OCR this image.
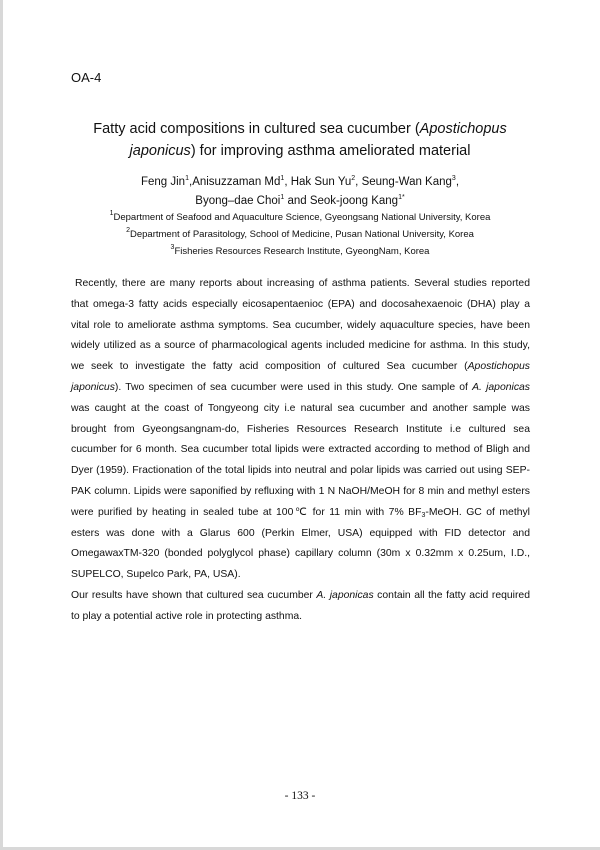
OA-4
Fatty acid compositions in cultured sea cucumber (Apostichopus japonicus) for improving asthma ameliorated material
Feng Jin$^1$,Anisuzzaman Md$^1$, Hak Sun Yu$^2$, Seung-Wan Kang$^3$,
Byong–dae Choi$^1$ and Seok-joong Kang$^{1*}$
$^1$Department of Seafood and Aquaculture Science, Gyeongsang National University, Korea
$^2$Department of Parasitology, School of Medicine, Pusan National University, Korea
$^3$Fisheries Resources Research Institute, GyeongNam, Korea

Recently, there are many reports about increasing of asthma patients. Several studies reported that omega-3 fatty acids especially eicosapentaenioc (EPA) and docosahexaenoic (DHA) play a vital role to ameliorate asthma symptoms. Sea cucumber, widely aquaculture species, have been widely utilized as a source of pharmacological agents included medicine for asthma. In this study, we seek to investigate the fatty acid composition of cultured Sea cucumber (Apostichopus japonicus). Two specimen of sea cucumber were used in this study. One sample of A. japonicas was caught at the coast of Tongyeong city i.e natural sea cucumber and another sample was brought from Gyeongsangnam-do, Fisheries Resources Research Institute i.e cultured sea cucumber for 6 month. Sea cucumber total lipids were extracted according to method of Bligh and Dyer (1959). Fractionation of the total lipids into neutral and polar lipids was carried out using SEP-PAK column. Lipids were saponified by refluxing with 1 N NaOH/MeOH for 8 min and methyl esters were purified by heating in sealed tube at 100℃ for 11 min with 7% $BF_3$-MeOH. GC of methyl esters was done with a Glarus 600 (Perkin Elmer, USA) equipped with FID detector and OmegawaxTM-320 (bonded polyglycol phase) capillary column (30m x 0.32mm x 0.25um, I.D., SUPELCO, Supelco Park, PA, USA).

Our results have shown that cultured sea cucumber A. japonicas contain all the fatty acid required to play a potential active role in protecting asthma.

- 133 -
